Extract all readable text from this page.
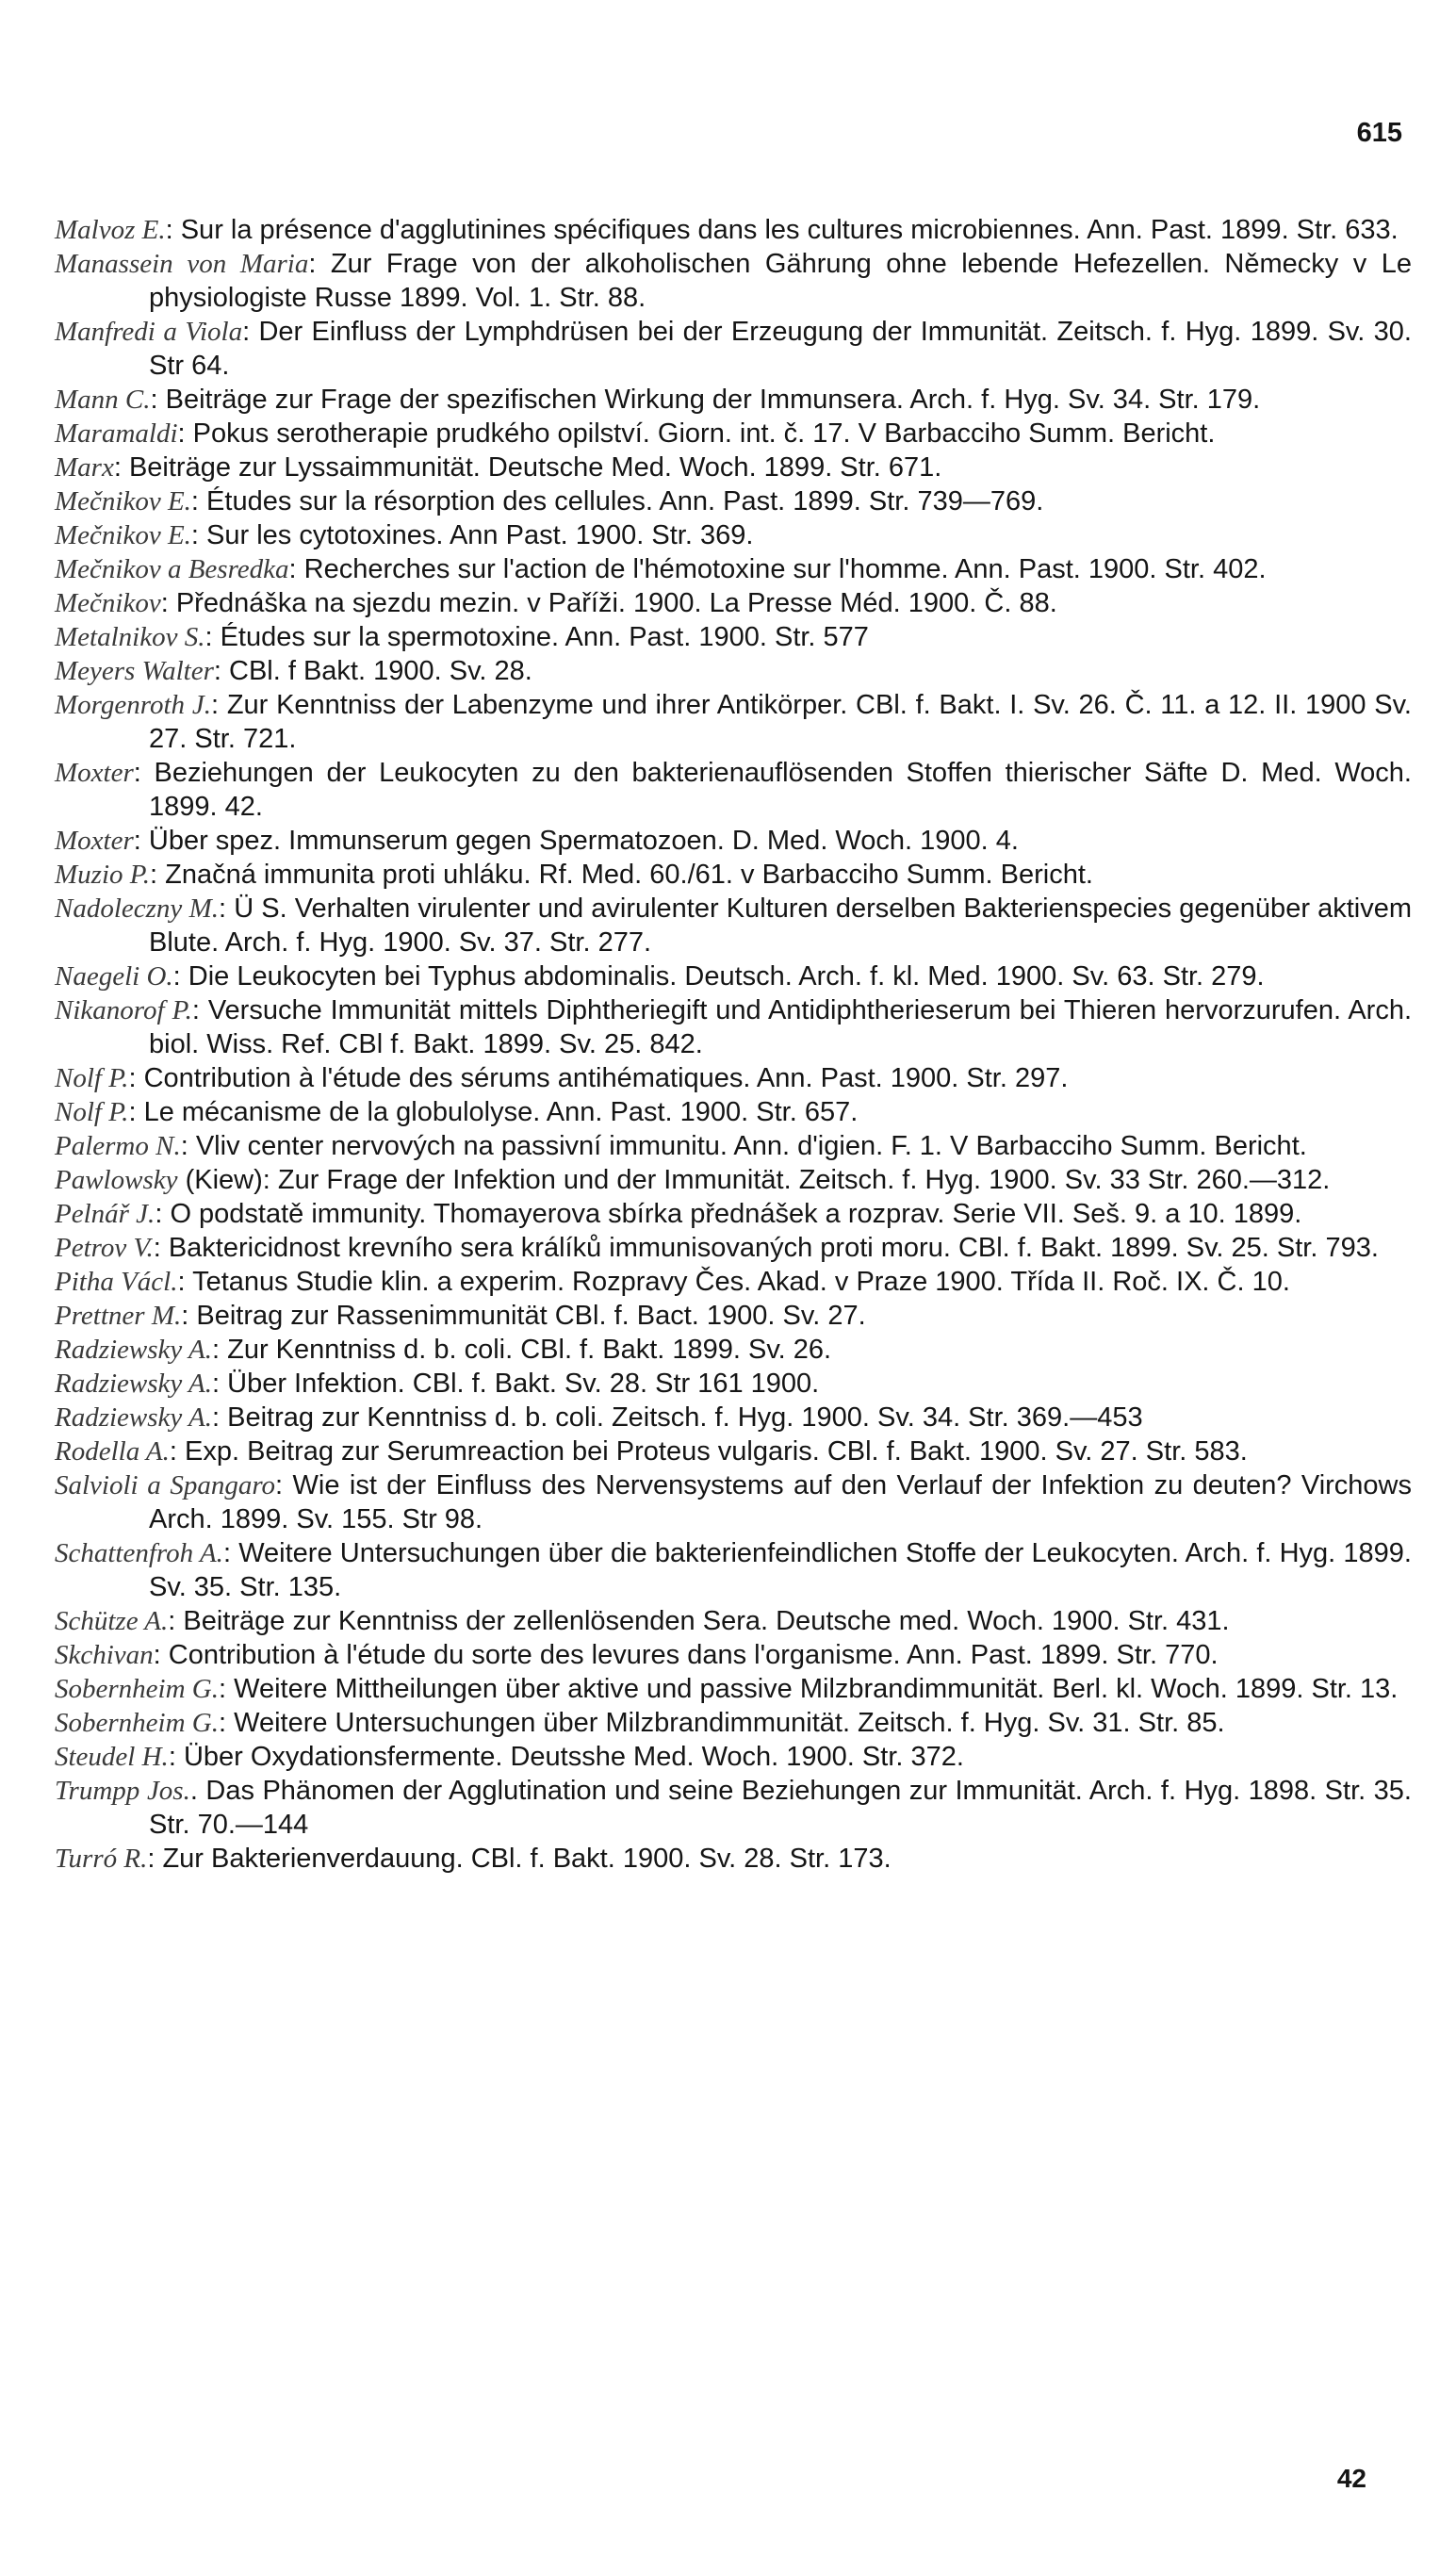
615

Malvoz E.: Sur la présence d'agglutinines spécifiques dans les cultures microbiennes. Ann. Past. 1899. Str. 633.

Manassein von Maria: Zur Frage von der alkoholischen Gährung ohne lebende Hefezellen. Německy v Le physiologiste Russe 1899. Vol. 1. Str. 88.

Manfredi a Viola: Der Einfluss der Lymphdrüsen bei der Erzeugung der Immunität. Zeitsch. f. Hyg. 1899. Sv. 30. Str 64.

Mann C.: Beiträge zur Frage der spezifischen Wirkung der Immunsera. Arch. f. Hyg. Sv. 34. Str. 179.

Maramaldi: Pokus serotherapie prudkého opilství. Giorn. int. č. 17. V Barbacciho Summ. Bericht.

Marx: Beiträge zur Lyssaimmunität. Deutsche Med. Woch. 1899. Str. 671.

Mečnikov E.: Études sur la résorption des cellules. Ann. Past. 1899. Str. 739—769.

Mečnikov E.: Sur les cytotoxines. Ann Past. 1900. Str. 369.

Mečnikov a Besredka: Recherches sur l'action de l'hémotoxine sur l'homme. Ann. Past. 1900. Str. 402.

Mečnikov: Přednáška na sjezdu mezin. v Paříži. 1900. La Presse Méd. 1900. Č. 88.

Metalnikov S.: Études sur la spermotoxine. Ann. Past. 1900. Str. 577

Meyers Walter: CBl. f Bakt. 1900. Sv. 28.

Morgenroth J.: Zur Kenntniss der Labenzyme und ihrer Antikörper. CBl. f. Bakt. I. Sv. 26. Č. 11. a 12. II. 1900 Sv. 27. Str. 721.

Moxter: Beziehungen der Leukocyten zu den bakterienauflösenden Stoffen thierischer Säfte D. Med. Woch. 1899. 42.

Moxter: Über spez. Immunserum gegen Spermatozoen. D. Med. Woch. 1900. 4.

Muzio P.: Značná immunita proti uhláku. Rf. Med. 60./61. v Barbacciho Summ. Bericht.

Nadoleczny M.: Ü S. Verhalten virulenter und avirulenter Kulturen derselben Bakterienspecies gegenüber aktivem Blute. Arch. f. Hyg. 1900. Sv. 37. Str. 277.

Naegeli O.: Die Leukocyten bei Typhus abdominalis. Deutsch. Arch. f. kl. Med. 1900. Sv. 63. Str. 279.

Nikanorof P.: Versuche Immunität mittels Diphtheriegift und Antidiphtherieserum bei Thieren hervorzurufen. Arch. biol. Wiss. Ref. CBl f. Bakt. 1899. Sv. 25. 842.

Nolf P.: Contribution à l'étude des sérums antihématiques. Ann. Past. 1900. Str. 297.

Nolf P.: Le mécanisme de la globulolyse. Ann. Past. 1900. Str. 657.

Palermo N.: Vliv center nervových na passivní immunitu. Ann. d'igien. F. 1. V Barbacciho Summ. Bericht.

Pawlowsky (Kiew): Zur Frage der Infektion und der Immunität. Zeitsch. f. Hyg. 1900. Sv. 33 Str. 260.—312.

Pelnář J.: O podstatě immunity. Thomayerova sbírka přednášek a rozprav. Serie VII. Seš. 9. a 10. 1899.

Petrov V.: Baktericidnost krevního sera králíků immunisovaných proti moru. CBl. f. Bakt. 1899. Sv. 25. Str. 793.

Pitha Václ.: Tetanus Studie klin. a experim. Rozpravy Čes. Akad. v Praze 1900. Třída II. Roč. IX. Č. 10.

Prettner M.: Beitrag zur Rassenimmunität CBl. f. Bact. 1900. Sv. 27.

Radziewsky A.: Zur Kenntniss d. b. coli. CBl. f. Bakt. 1899. Sv. 26.

Radziewsky A.: Über Infektion. CBl. f. Bakt. Sv. 28. Str 161 1900.

Radziewsky A.: Beitrag zur Kenntniss d. b. coli. Zeitsch. f. Hyg. 1900. Sv. 34. Str. 369.—453

Rodella A.: Exp. Beitrag zur Serumreaction bei Proteus vulgaris. CBl. f. Bakt. 1900. Sv. 27. Str. 583.

Salvioli a Spangaro: Wie ist der Einfluss des Nervensystems auf den Verlauf der Infektion zu deuten? Virchows Arch. 1899. Sv. 155. Str 98.

Schattenfroh A.: Weitere Untersuchungen über die bakterienfeindlichen Stoffe der Leukocyten. Arch. f. Hyg. 1899. Sv. 35. Str. 135.

Schütze A.: Beiträge zur Kenntniss der zellenlösenden Sera. Deutsche med. Woch. 1900. Str. 431.

Skchivan: Contribution à l'étude du sorte des levures dans l'organisme. Ann. Past. 1899. Str. 770.

Sobernheim G.: Weitere Mittheilungen über aktive und passive Milzbrandimmunität. Berl. kl. Woch. 1899. Str. 13.

Sobernheim G.: Weitere Untersuchungen über Milzbrandimmunität. Zeitsch. f. Hyg. Sv. 31. Str. 85.

Steudel H.: Über Oxydationsfermente. Deutsshe Med. Woch. 1900. Str. 372.

Trumpp Jos.. Das Phänomen der Agglutination und seine Beziehungen zur Immunität. Arch. f. Hyg. 1898. Str. 35. Str. 70.—144

Turró R.: Zur Bakterienverdauung. CBl. f. Bakt. 1900. Sv. 28. Str. 173.

42
